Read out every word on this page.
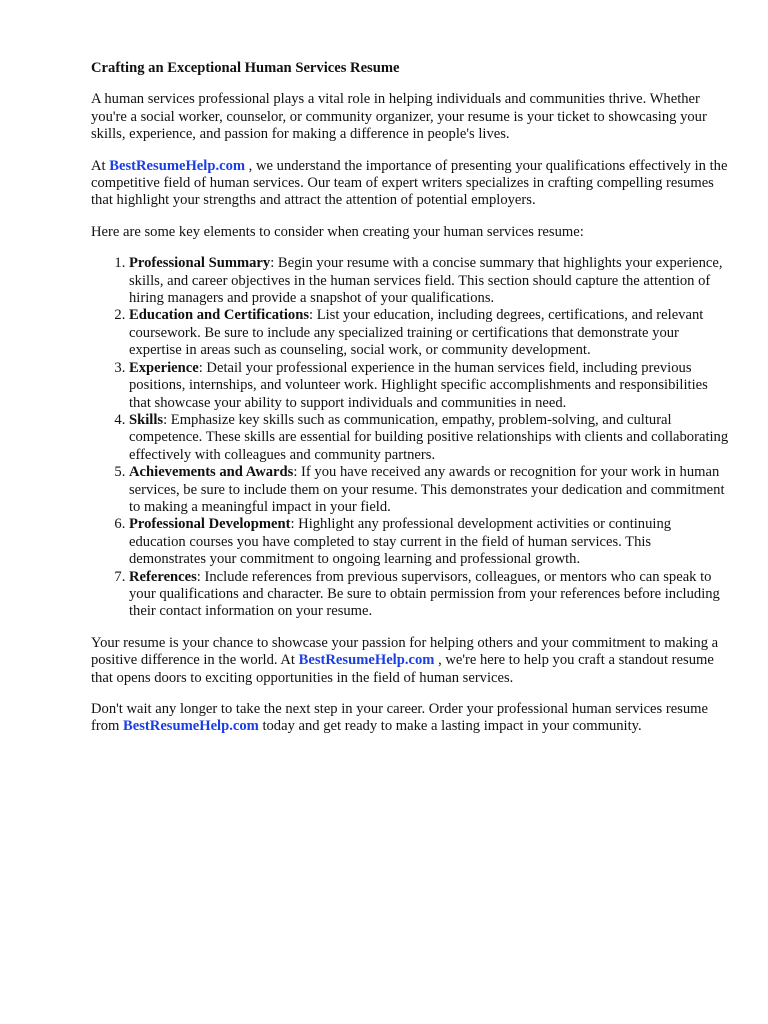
Crafting an Exceptional Human Services Resume

A human services professional plays a vital role in helping individuals and communities thrive. Whether you're a social worker, counselor, or community organizer, your resume is your ticket to showcasing your skills, experience, and passion for making a difference in people's lives.

At BestResumeHelp.com , we understand the importance of presenting your qualifications effectively in the competitive field of human services. Our team of expert writers specializes in crafting compelling resumes that highlight your strengths and attract the attention of potential employers.

Here are some key elements to consider when creating your human services resume:

1. Professional Summary: Begin your resume with a concise summary that highlights your experience, skills, and career objectives in the human services field. This section should capture the attention of hiring managers and provide a snapshot of your qualifications.
2. Education and Certifications: List your education, including degrees, certifications, and relevant coursework. Be sure to include any specialized training or certifications that demonstrate your expertise in areas such as counseling, social work, or community development.
3. Experience: Detail your professional experience in the human services field, including previous positions, internships, and volunteer work. Highlight specific accomplishments and responsibilities that showcase your ability to support individuals and communities in need.
4. Skills: Emphasize key skills such as communication, empathy, problem-solving, and cultural competence. These skills are essential for building positive relationships with clients and collaborating effectively with colleagues and community partners.
5. Achievements and Awards: If you have received any awards or recognition for your work in human services, be sure to include them on your resume. This demonstrates your dedication and commitment to making a meaningful impact in your field.
6. Professional Development: Highlight any professional development activities or continuing education courses you have completed to stay current in the field of human services. This demonstrates your commitment to ongoing learning and professional growth.
7. References: Include references from previous supervisors, colleagues, or mentors who can speak to your qualifications and character. Be sure to obtain permission from your references before including their contact information on your resume.

Your resume is your chance to showcase your passion for helping others and your commitment to making a positive difference in the world. At BestResumeHelp.com , we're here to help you craft a standout resume that opens doors to exciting opportunities in the field of human services.

Don't wait any longer to take the next step in your career. Order your professional human services resume from BestResumeHelp.com today and get ready to make a lasting impact in your community.
